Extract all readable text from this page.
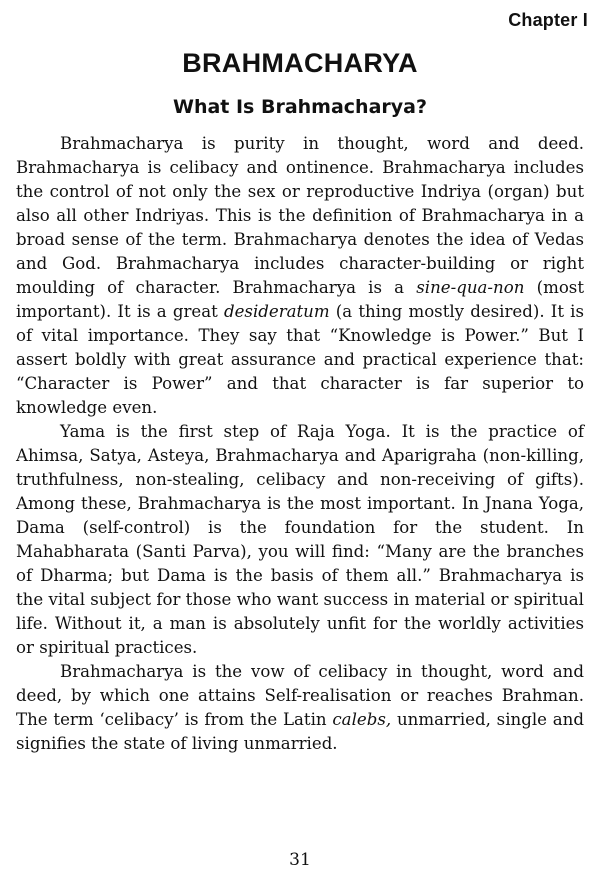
Chapter I
BRAHMACHARYA
What Is Brahmacharya?

Brahmacharya is purity in thought, word and deed. Brahmacharya is celibacy and ontinence. Brahmacharya includes the control of not only the sex or reproductive Indriya (organ) but also all other Indriyas. This is the definition of Brahmacharya in a broad sense of the term. Brahmacharya denotes the idea of Vedas and God. Brahmacharya includes character-building or right moulding of character. Brahmacharya is a sine-qua-non (most important). It is a great desideratum (a thing mostly desired). It is of vital importance. They say that “Knowledge is Power.” But I assert boldly with great assurance and practical experience that: “Character is Power” and that character is far superior to knowledge even.

Yama is the first step of Raja Yoga. It is the practice of Ahimsa, Satya, Asteya, Brahmacharya and Aparigraha (non-killing, truthfulness, non-stealing, celibacy and non-receiving of gifts). Among these, Brahmacharya is the most important. In Jnana Yoga, Dama (self-control) is the foundation for the student. In Mahabharata (Santi Parva), you will find: “Many are the branches of Dharma; but Dama is the basis of them all.” Brahmacharya is the vital subject for those who want success in material or spiritual life. Without it, a man is absolutely unfit for the worldly activities or spiritual practices.

Brahmacharya is the vow of celibacy in thought, word and deed, by which one attains Self-realisation or reaches Brahman. The term ‘celibacy’ is from the Latin calebs, unmarried, single and signifies the state of living unmarried.

31
